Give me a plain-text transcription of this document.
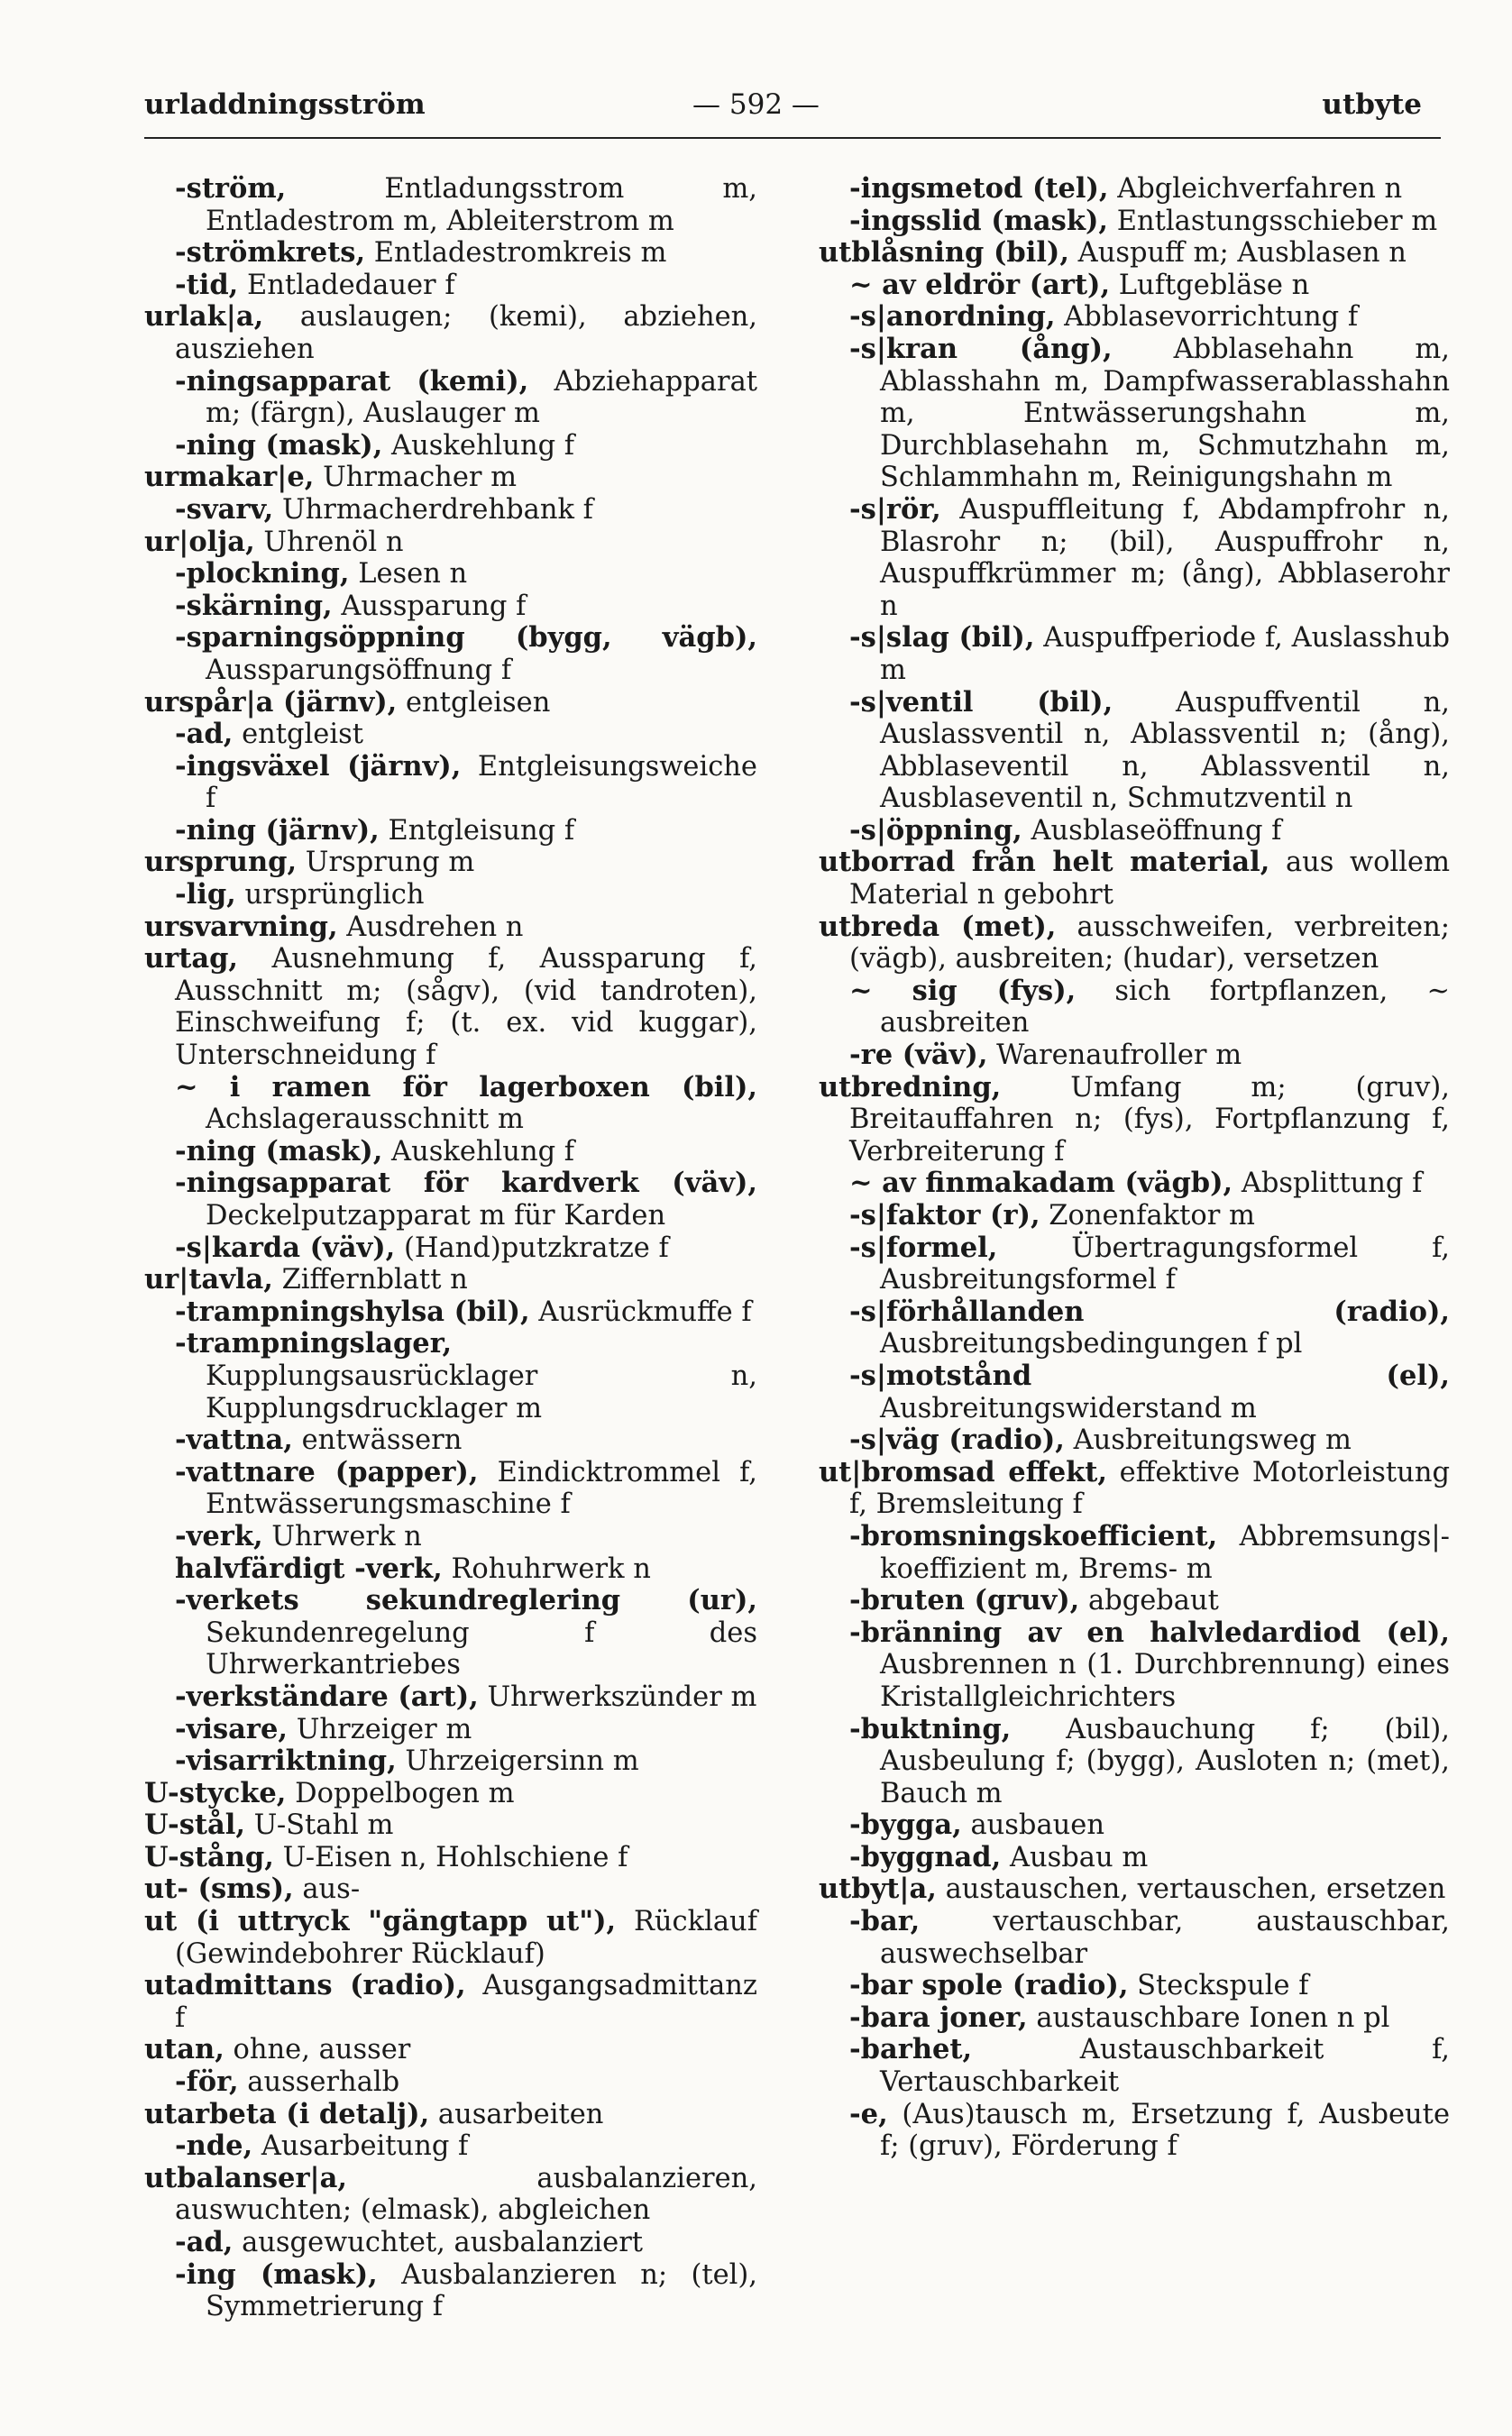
urladdningsström	— 592 —	utbyte

-ström, Entladungsstrom m, Entladestrom m, Ableiterstrom m

-strömkrets, Entladestromkreis m

-tid, Entladedauer f

urlak|a, auslaugen; (kemi), abziehen, ausziehen

-ningsapparat (kemi), Abziehapparat m; (färgn), Auslauger m

-ning (mask), Auskehlung f

urmakar|e, Uhrmacher m

-svarv, Uhrmacherdrehbank f

ur|olja, Uhrenöl n

-plockning, Lesen n

-skärning, Aussparung f

-sparningsöppning (bygg, vägb), Aussparungsöffnung f

urspår|a (järnv), entgleisen

-ad, entgleist

-ingsväxel (järnv), Entgleisungsweiche f

-ning (järnv), Entgleisung f

ursprung, Ursprung m

-lig, ursprünglich

ursvarvning, Ausdrehen n

urtag, Ausnehmung f, Aussparung f, Ausschnitt m; (sågv), (vid tandroten), Einschweifung f; (t. ex. vid kuggar), Unterschneidung f

~ i ramen för lagerboxen (bil), Achslagerausschnitt m

-ning (mask), Auskehlung f

-ningsapparat för kardverk (väv), Deckelputzapparat m für Karden

-s|karda (väv), (Hand)putzkratze f

ur|tavla, Ziffernblatt n

-trampningshylsa (bil), Ausrückmuffe f

-trampningslager, Kupplungsausrücklager n, Kupplungsdrucklager m

-vattna, entwässern

-vattnare (papper), Eindicktrommel f, Entwässerungsmaschine f

-verk, Uhrwerk n

halvfärdigt -verk, Rohuhrwerk n

-verkets sekundreglering (ur), Sekundenregelung f des Uhrwerkantriebes

-verkständare (art), Uhrwerkszünder m

-visare, Uhrzeiger m

-visarriktning, Uhrzeigersinn m

U-stycke, Doppelbogen m

U-stål, U-Stahl m

U-stång, U-Eisen n, Hohlschiene f

ut- (sms), aus-

ut (i uttryck "gängtapp ut"), Rücklauf (Gewindebohrer Rücklauf)

utadmittans (radio), Ausgangsadmittanz f

utan, ohne, ausser

-för, ausserhalb

utarbeta (i detalj), ausarbeiten

-nde, Ausarbeitung f

utbalanser|a, ausbalanzieren, auswuchten; (elmask), abgleichen

-ad, ausgewuchtet, ausbalanziert

-ing (mask), Ausbalanzieren n; (tel), Symmetrierung f

-ingsmetod (tel), Abgleichverfahren n

-ingsslid (mask), Entlastungsschieber m

utblåsning (bil), Auspuff m; Ausblasen n

~ av eldrör (art), Luftgebläse n

-s|anordning, Abblasevorrichtung f

-s|kran (ång), Abblasehahn m, Ablasshahn m, Dampfwasserablasshahn m, Entwässerungshahn m, Durchblasehahn m, Schmutzhahn m, Schlammhahn m, Reinigungshahn m

-s|rör, Auspuffleitung f, Abdampfrohr n, Blasrohr n; (bil), Auspuffrohr n, Auspuffkrümmer m; (ång), Abblaserohr n

-s|slag (bil), Auspuffperiode f, Auslasshub m

-s|ventil (bil), Auspuffventil n, Auslassventil n, Ablassventil n; (ång), Abblaseventil n, Ablassventil n, Ausblaseventil n, Schmutzventil n

-s|öppning, Ausblaseöffnung f

utborrad från helt material, aus wollem Material n gebohrt

utbreda (met), ausschweifen, verbreiten; (vägb), ausbreiten; (hudar), versetzen

~ sig (fys), sich fortpflanzen, ~ ausbreiten

-re (väv), Warenaufroller m

utbredning, Umfang m; (gruv), Breitauffahren n; (fys), Fortpflanzung f, Verbreiterung f

~ av finmakadam (vägb), Absplittung f

-s|faktor (r), Zonenfaktor m

-s|formel, Übertragungsformel f, Ausbreitungsformel f

-s|förhållanden (radio), Ausbreitungsbedingungen f pl

-s|motstånd (el), Ausbreitungswiderstand m

-s|väg (radio), Ausbreitungsweg m

ut|bromsad effekt, effektive Motorleistung f, Bremsleitung f

-bromsningskoefficient, Abbremsungs|-koeffizient m, Brems- m

-bruten (gruv), abgebaut

-bränning av en halvledardiod (el), Ausbrennen n (1. Durchbrennung) eines Kristallgleichrichters

-buktning, Ausbauchung f; (bil), Ausbeulung f; (bygg), Ausloten n; (met), Bauch m

-bygga, ausbauen

-byggnad, Ausbau m

utbyt|a, austauschen, vertauschen, ersetzen

-bar, vertauschbar, austauschbar, auswechselbar

-bar spole (radio), Steckspule f

-bara joner, austauschbare Ionen n pl

-barhet, Austauschbarkeit f, Vertauschbarkeit

-e, (Aus)tausch m, Ersetzung f, Ausbeute f; (gruv), Förderung f
